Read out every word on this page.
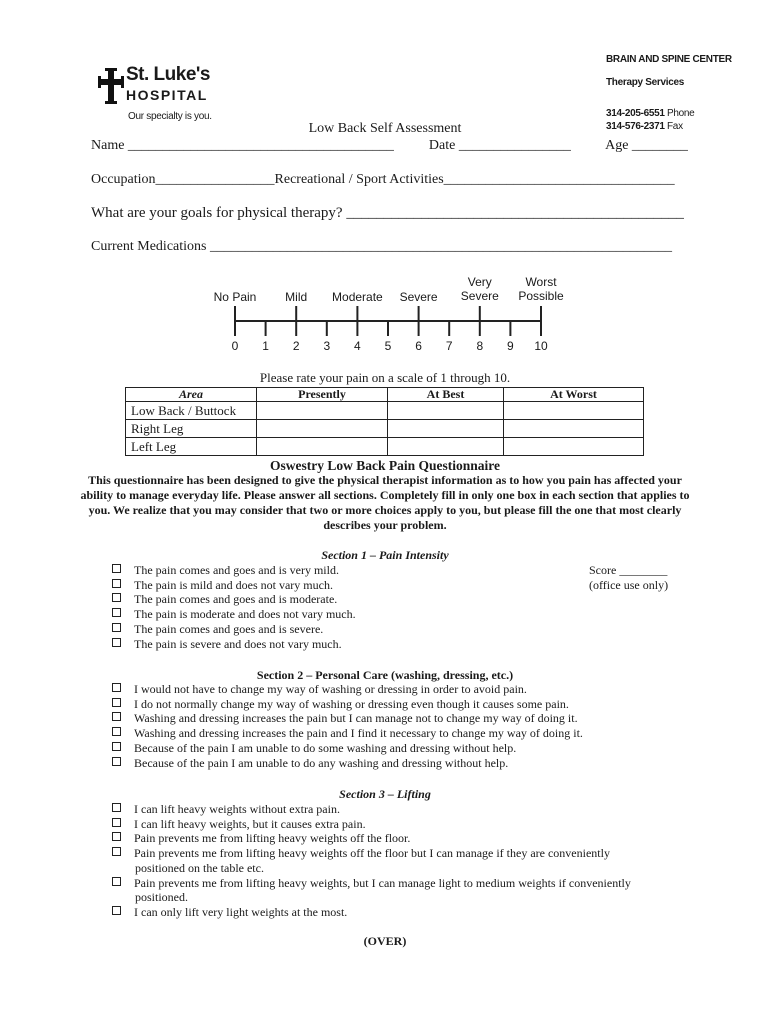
St. Luke's
HOSPITAL
Our specialty is you.
BRAIN AND SPINE CENTER
Therapy Services
314-205-6551 Phone
314-576-2371 Fax
Low Back Self Assessment
Name ______________________________________          Date ________________          Age ________
Occupation_________________Recreational / Sport Activities_________________________________
What are your goals for physical therapy? _____________________________________________
Current Medications __________________________________________________________________
No Pain	Mild	Moderate	Severe
Very
Severe
Worst
Possible
0	1	2	3	4	5	6	7	8	9	10
Please rate your pain on a scale of 1 through 10.
Area	Presently	At Best	At Worst
Low Back / Buttock			
Right Leg			
Left Leg			
Oswestry Low Back Pain Questionnaire
This questionnaire has been designed to give the physical therapist information as to how you pain has affected your ability to manage everyday life. Please answer all sections. Completely fill in only one box in each section that applies to you. We realize that you may consider that two or more choices apply to you, but please fill the one that most clearly describes your problem.
Section 1 – Pain Intensity
Score ________
(office use only)
The pain comes and goes and is very mild.
The pain is mild and does not vary much.
The pain comes and goes and is moderate.
The pain is moderate and does not vary much.
The pain comes and goes and is severe.
The pain is severe and does not vary much.
Section 2 – Personal Care (washing, dressing, etc.)
I would not have to change my way of washing or dressing in order to avoid pain.
I do not normally change my way of washing or dressing even though it causes some pain.
Washing and dressing increases the pain but I can manage not to change my way of doing it.
Washing and dressing increases the pain and I find it necessary to change my way of doing it.
Because of the pain I am unable to do some washing and dressing without help.
Because of the pain I am unable to do any washing and dressing without help.
Section 3 – Lifting
I can lift heavy weights without extra pain.
I can lift heavy weights, but it causes extra pain.
Pain prevents me from lifting heavy weights off the floor.
Pain prevents me from lifting heavy weights off the floor but I can manage if they are conveniently
positioned on the table etc.
Pain prevents me from lifting heavy weights, but I can manage light to medium weights if conveniently
positioned.
I can only lift very light weights at the most.
(OVER)
